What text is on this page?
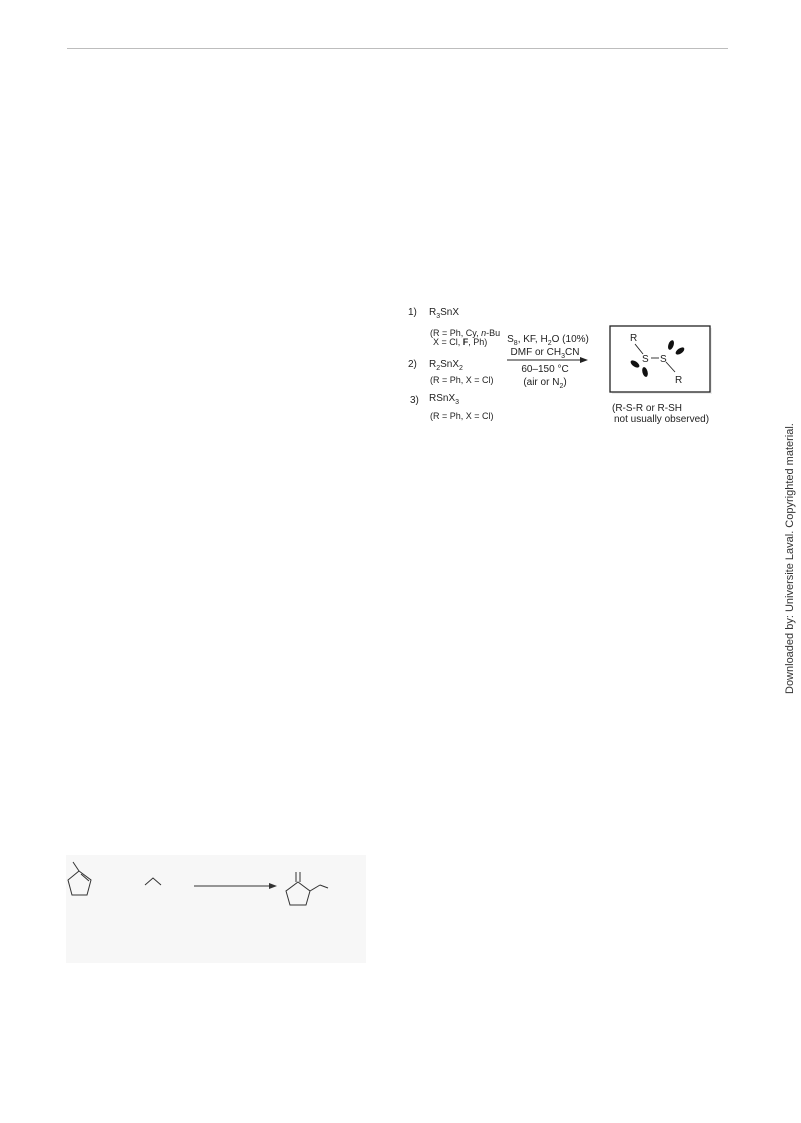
Downloaded by: Universite Laval. Copyrighted material.
1) $R_3SnX$
(R = Ph, Cy, n-Bu
X = Cl, F, Ph)
2) $R_2SnX_2$
(R = Ph, X = Cl)
3) RSnX$_3$
(R = Ph, X = Cl)
$S_8$, KF, $H_2O$ (10%)
DMF or $CH_3CN$
60–150 °C
(air or $N_2$)
R
S S
R
(R-S-R or R-SH
not usually observed)
